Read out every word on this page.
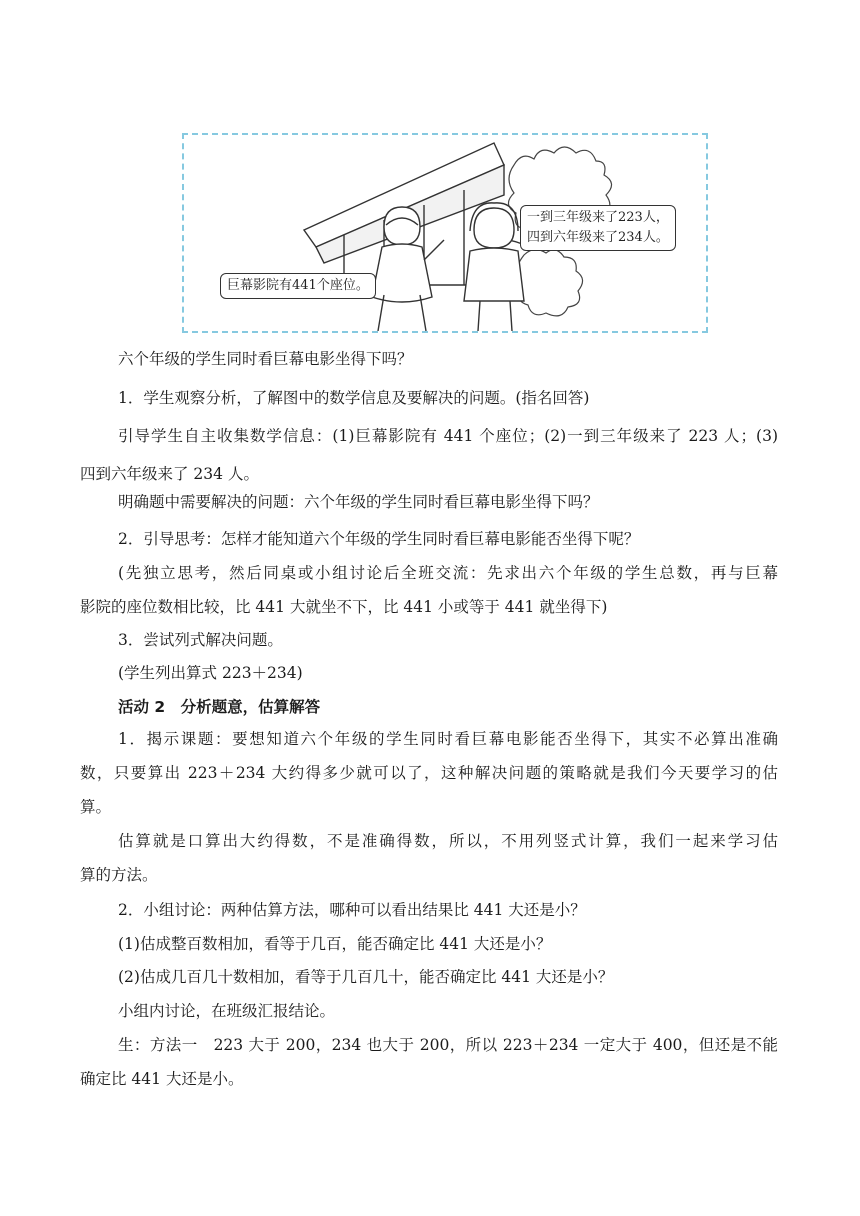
巨幕影院有441个座位。
一到三年级来了223人，
四到六年级来了234人。

六个年级的学生同时看巨幕电影坐得下吗？

1．学生观察分析，了解图中的数学信息及要解决的问题。(指名回答)

引导学生自主收集数学信息：(1)巨幕影院有 441 个座位；(2)一到三年级来了 223 人；(3)

四到六年级来了 234 人。

明确题中需要解决的问题：六个年级的学生同时看巨幕电影坐得下吗？

2．引导思考：怎样才能知道六个年级的学生同时看巨幕电影能否坐得下呢？

(先独立思考，然后同桌或小组讨论后全班交流：先求出六个年级的学生总数，再与巨幕

影院的座位数相比较，比 441 大就坐不下，比 441 小或等于 441 就坐得下)

3．尝试列式解决问题。

(学生列出算式 223＋234)

活动 2　分析题意，估算解答

1．揭示课题：要想知道六个年级的学生同时看巨幕电影能否坐得下，其实不必算出准确

数，只要算出 223＋234 大约得多少就可以了，这种解决问题的策略就是我们今天要学习的估

算。

估算就是口算出大约得数，不是准确得数，所以，不用列竖式计算，我们一起来学习估

算的方法。

2．小组讨论：两种估算方法，哪种可以看出结果比 441 大还是小？

(1)估成整百数相加，看等于几百，能否确定比 441 大还是小？

(2)估成几百几十数相加，看等于几百几十，能否确定比 441 大还是小？

小组内讨论，在班级汇报结论。

生：方法一　223 大于 200，234 也大于 200，所以 223＋234 一定大于 400，但还是不能

确定比 441 大还是小。
